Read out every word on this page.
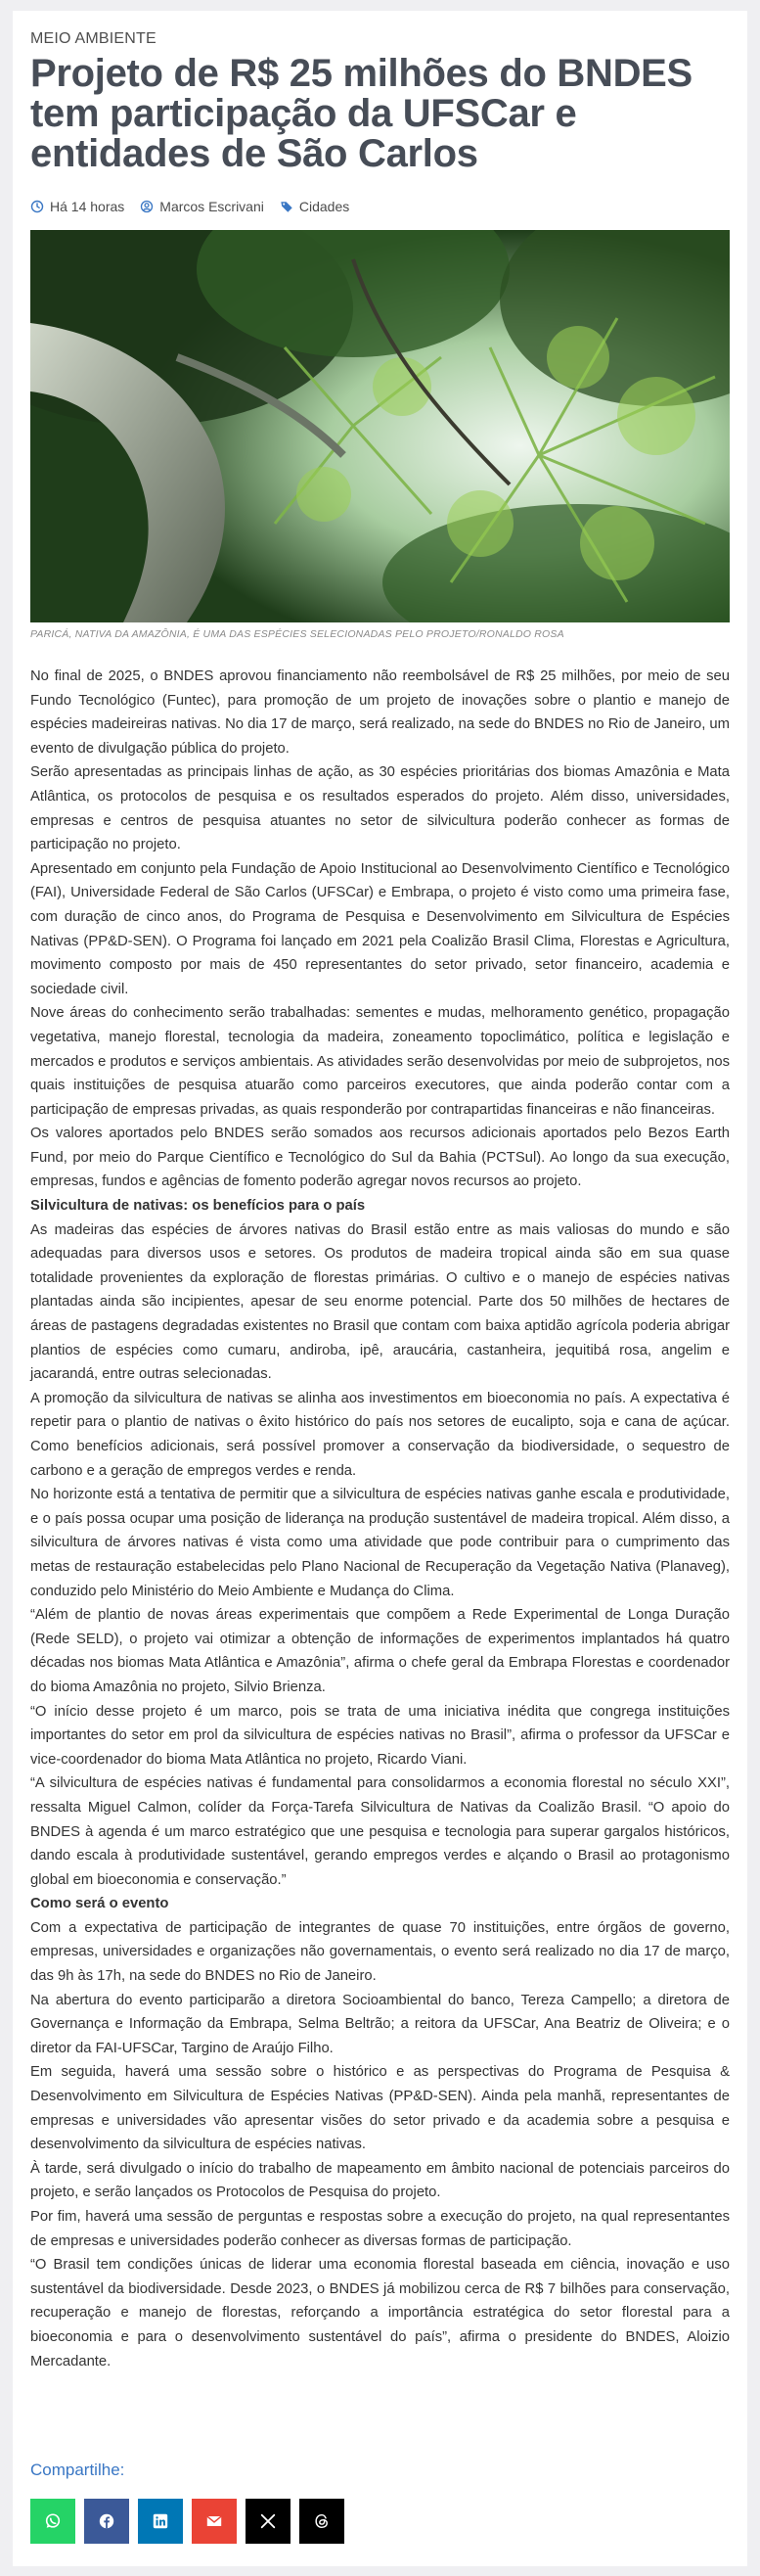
MEIO AMBIENTE
Projeto de R$ 25 milhões do BNDES tem participação da UFSCar e entidades de São Carlos
Há 14 horas	Marcos Escrivani	Cidades
PARICÁ, NATIVA DA AMAZÔNIA, É UMA DAS ESPÉCIES SELECIONADAS PELO PROJETO/RONALDO ROSA

No final de 2025, o BNDES aprovou financiamento não reembolsável de R$ 25 milhões, por meio de seu Fundo Tecnológico (Funtec), para promoção de um projeto de inovações sobre o plantio e manejo de espécies madeireiras nativas. No dia 17 de março, será realizado, na sede do BNDES no Rio de Janeiro, um evento de divulgação pública do projeto.

Serão apresentadas as principais linhas de ação, as 30 espécies prioritárias dos biomas Amazônia e Mata Atlântica, os protocolos de pesquisa e os resultados esperados do projeto. Além disso, universidades, empresas e centros de pesquisa atuantes no setor de silvicultura poderão conhecer as formas de participação no projeto.

Apresentado em conjunto pela Fundação de Apoio Institucional ao Desenvolvimento Científico e Tecnológico (FAI), Universidade Federal de São Carlos (UFSCar) e Embrapa, o projeto é visto como uma primeira fase, com duração de cinco anos, do Programa de Pesquisa e Desenvolvimento em Silvicultura de Espécies Nativas (PP&D-SEN). O Programa foi lançado em 2021 pela Coalizão Brasil Clima, Florestas e Agricultura, movimento composto por mais de 450 representantes do setor privado, setor financeiro, academia e sociedade civil.

Nove áreas do conhecimento serão trabalhadas: sementes e mudas, melhoramento genético, propagação vegetativa, manejo florestal, tecnologia da madeira, zoneamento topoclimático, política e legislação e mercados e produtos e serviços ambientais. As atividades serão desenvolvidas por meio de subprojetos, nos quais instituições de pesquisa atuarão como parceiros executores, que ainda poderão contar com a participação de empresas privadas, as quais responderão por contrapartidas financeiras e não financeiras.

Os valores aportados pelo BNDES serão somados aos recursos adicionais aportados pelo Bezos Earth Fund, por meio do Parque Científico e Tecnológico do Sul da Bahia (PCTSul). Ao longo da sua execução, empresas, fundos e agências de fomento poderão agregar novos recursos ao projeto.

Silvicultura de nativas: os benefícios para o país

As madeiras das espécies de árvores nativas do Brasil estão entre as mais valiosas do mundo e são adequadas para diversos usos e setores. Os produtos de madeira tropical ainda são em sua quase totalidade provenientes da exploração de florestas primárias. O cultivo e o manejo de espécies nativas plantadas ainda são incipientes, apesar de seu enorme potencial. Parte dos 50 milhões de hectares de áreas de pastagens degradadas existentes no Brasil que contam com baixa aptidão agrícola poderia abrigar plantios de espécies como cumaru, andiroba, ipê, araucária, castanheira, jequitibá rosa, angelim e jacarandá, entre outras selecionadas.

A promoção da silvicultura de nativas se alinha aos investimentos em bioeconomia no país. A expectativa é repetir para o plantio de nativas o êxito histórico do país nos setores de eucalipto, soja e cana de açúcar. Como benefícios adicionais, será possível promover a conservação da biodiversidade, o sequestro de carbono e a geração de empregos verdes e renda.

No horizonte está a tentativa de permitir que a silvicultura de espécies nativas ganhe escala e produtividade, e o país possa ocupar uma posição de liderança na produção sustentável de madeira tropical. Além disso, a silvicultura de árvores nativas é vista como uma atividade que pode contribuir para o cumprimento das metas de restauração estabelecidas pelo Plano Nacional de Recuperação da Vegetação Nativa (Planaveg), conduzido pelo Ministério do Meio Ambiente e Mudança do Clima.

“Além de plantio de novas áreas experimentais que compõem a Rede Experimental de Longa Duração (Rede SELD), o projeto vai otimizar a obtenção de informações de experimentos implantados há quatro décadas nos biomas Mata Atlântica e Amazônia”, afirma o chefe geral da Embrapa Florestas e coordenador do bioma Amazônia no projeto, Silvio Brienza.

“O início desse projeto é um marco, pois se trata de uma iniciativa inédita que congrega instituições importantes do setor em prol da silvicultura de espécies nativas no Brasil”, afirma o professor da UFSCar e vice-coordenador do bioma Mata Atlântica no projeto, Ricardo Viani.

“A silvicultura de espécies nativas é fundamental para consolidarmos a economia florestal no século XXI”, ressalta Miguel Calmon, colíder da Força-Tarefa Silvicultura de Nativas da Coalizão Brasil. “O apoio do BNDES à agenda é um marco estratégico que une pesquisa e tecnologia para superar gargalos históricos, dando escala à produtividade sustentável, gerando empregos verdes e alçando o Brasil ao protagonismo global em bioeconomia e conservação.”

Como será o evento

Com a expectativa de participação de integrantes de quase 70 instituições, entre órgãos de governo, empresas, universidades e organizações não governamentais, o evento será realizado no dia 17 de março, das 9h às 17h, na sede do BNDES no Rio de Janeiro.

Na abertura do evento participarão a diretora Socioambiental do banco, Tereza Campello; a diretora de Governança e Informação da Embrapa, Selma Beltrão; a reitora da UFSCar, Ana Beatriz de Oliveira; e o diretor da FAI-UFSCar, Targino de Araújo Filho.

Em seguida, haverá uma sessão sobre o histórico e as perspectivas do Programa de Pesquisa & Desenvolvimento em Silvicultura de Espécies Nativas (PP&D-SEN). Ainda pela manhã, representantes de empresas e universidades vão apresentar visões do setor privado e da academia sobre a pesquisa e desenvolvimento da silvicultura de espécies nativas.

À tarde, será divulgado o início do trabalho de mapeamento em âmbito nacional de potenciais parceiros do projeto, e serão lançados os Protocolos de Pesquisa do projeto.

Por fim, haverá uma sessão de perguntas e respostas sobre a execução do projeto, na qual representantes de empresas e universidades poderão conhecer as diversas formas de participação.

“O Brasil tem condições únicas de liderar uma economia florestal baseada em ciência, inovação e uso sustentável da biodiversidade. Desde 2023, o BNDES já mobilizou cerca de R$ 7 bilhões para conservação, recuperação e manejo de florestas, reforçando a importância estratégica do setor florestal para a bioeconomia e para o desenvolvimento sustentável do país”, afirma o presidente do BNDES, Aloizio Mercadante.

Compartilhe:
